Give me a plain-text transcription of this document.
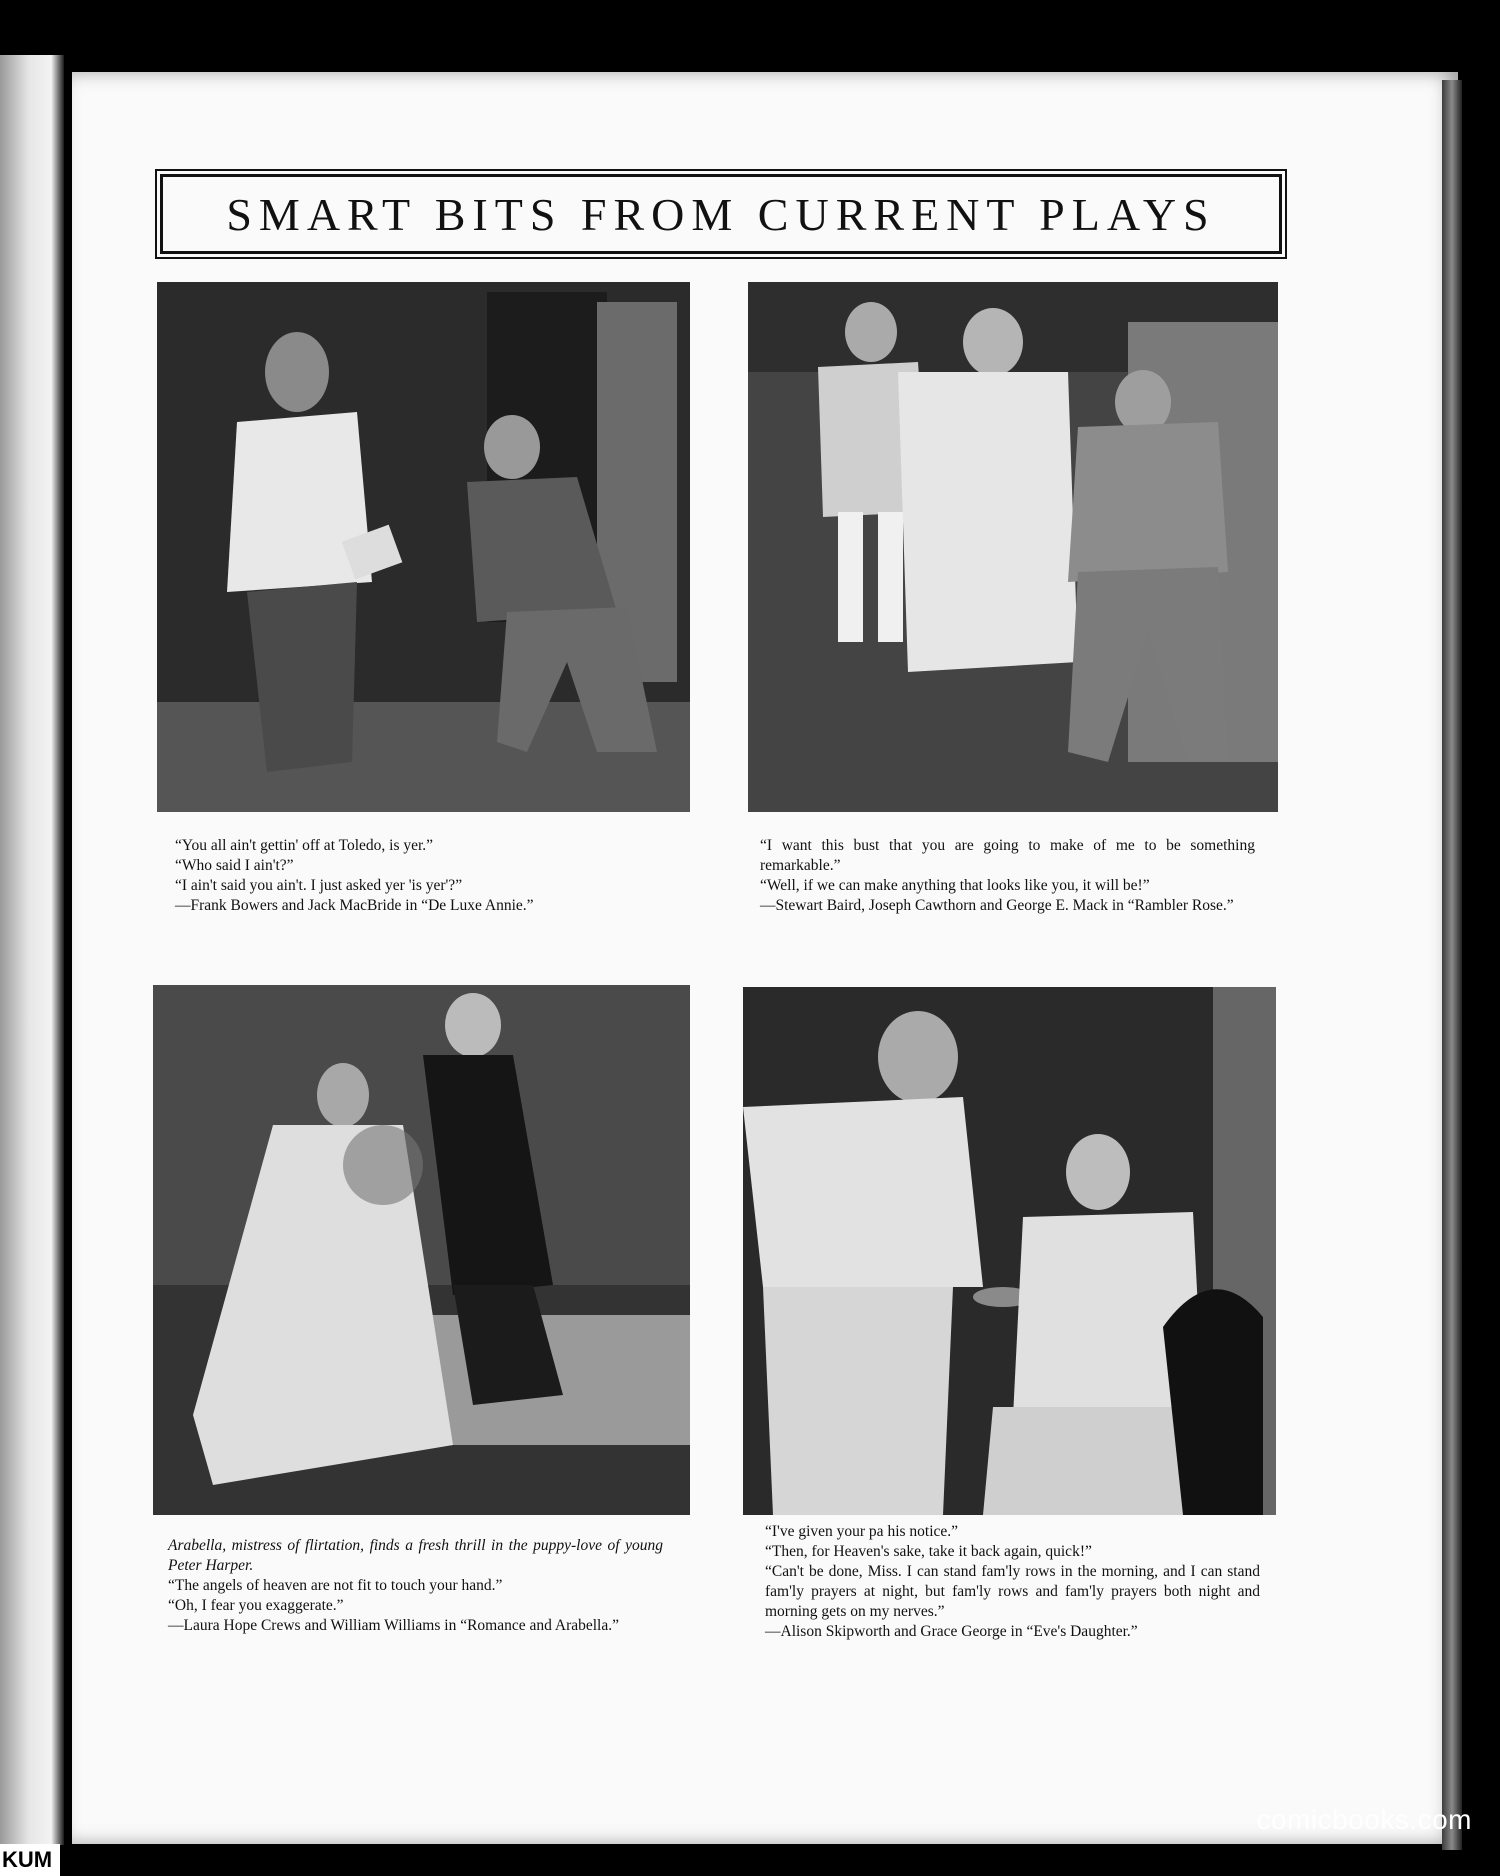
SMART BITS FROM CURRENT PLAYS

“You all ain't gettin' off at Toledo, is yer.”

“Who said I ain't?”

“I ain't said you ain't. I just asked yer 'is yer'?”

—Frank Bowers and Jack MacBride in “De Luxe Annie.”

“I want this bust that you are going to make of me to be something remarkable.”

“Well, if we can make anything that looks like you, it will be!”

—Stewart Baird, Joseph Cawthorn and George E. Mack in “Rambler Rose.”

Arabella, mistress of flirtation, finds a fresh thrill in the puppy-love of young Peter Harper.

“The angels of heaven are not fit to touch your hand.”

“Oh, I fear you exaggerate.”

—Laura Hope Crews and William Williams in “Romance and Arabella.”

“I've given your pa his notice.”

“Then, for Heaven's sake, take it back again, quick!”

“Can't be done, Miss. I can stand fam'ly rows in the morning, and I can stand fam'ly prayers at night, but fam'ly rows and fam'ly prayers both night and morning gets on my nerves.”

—Alison Skipworth and Grace George in “Eve's Daughter.”

comicbooks.com
KUM
